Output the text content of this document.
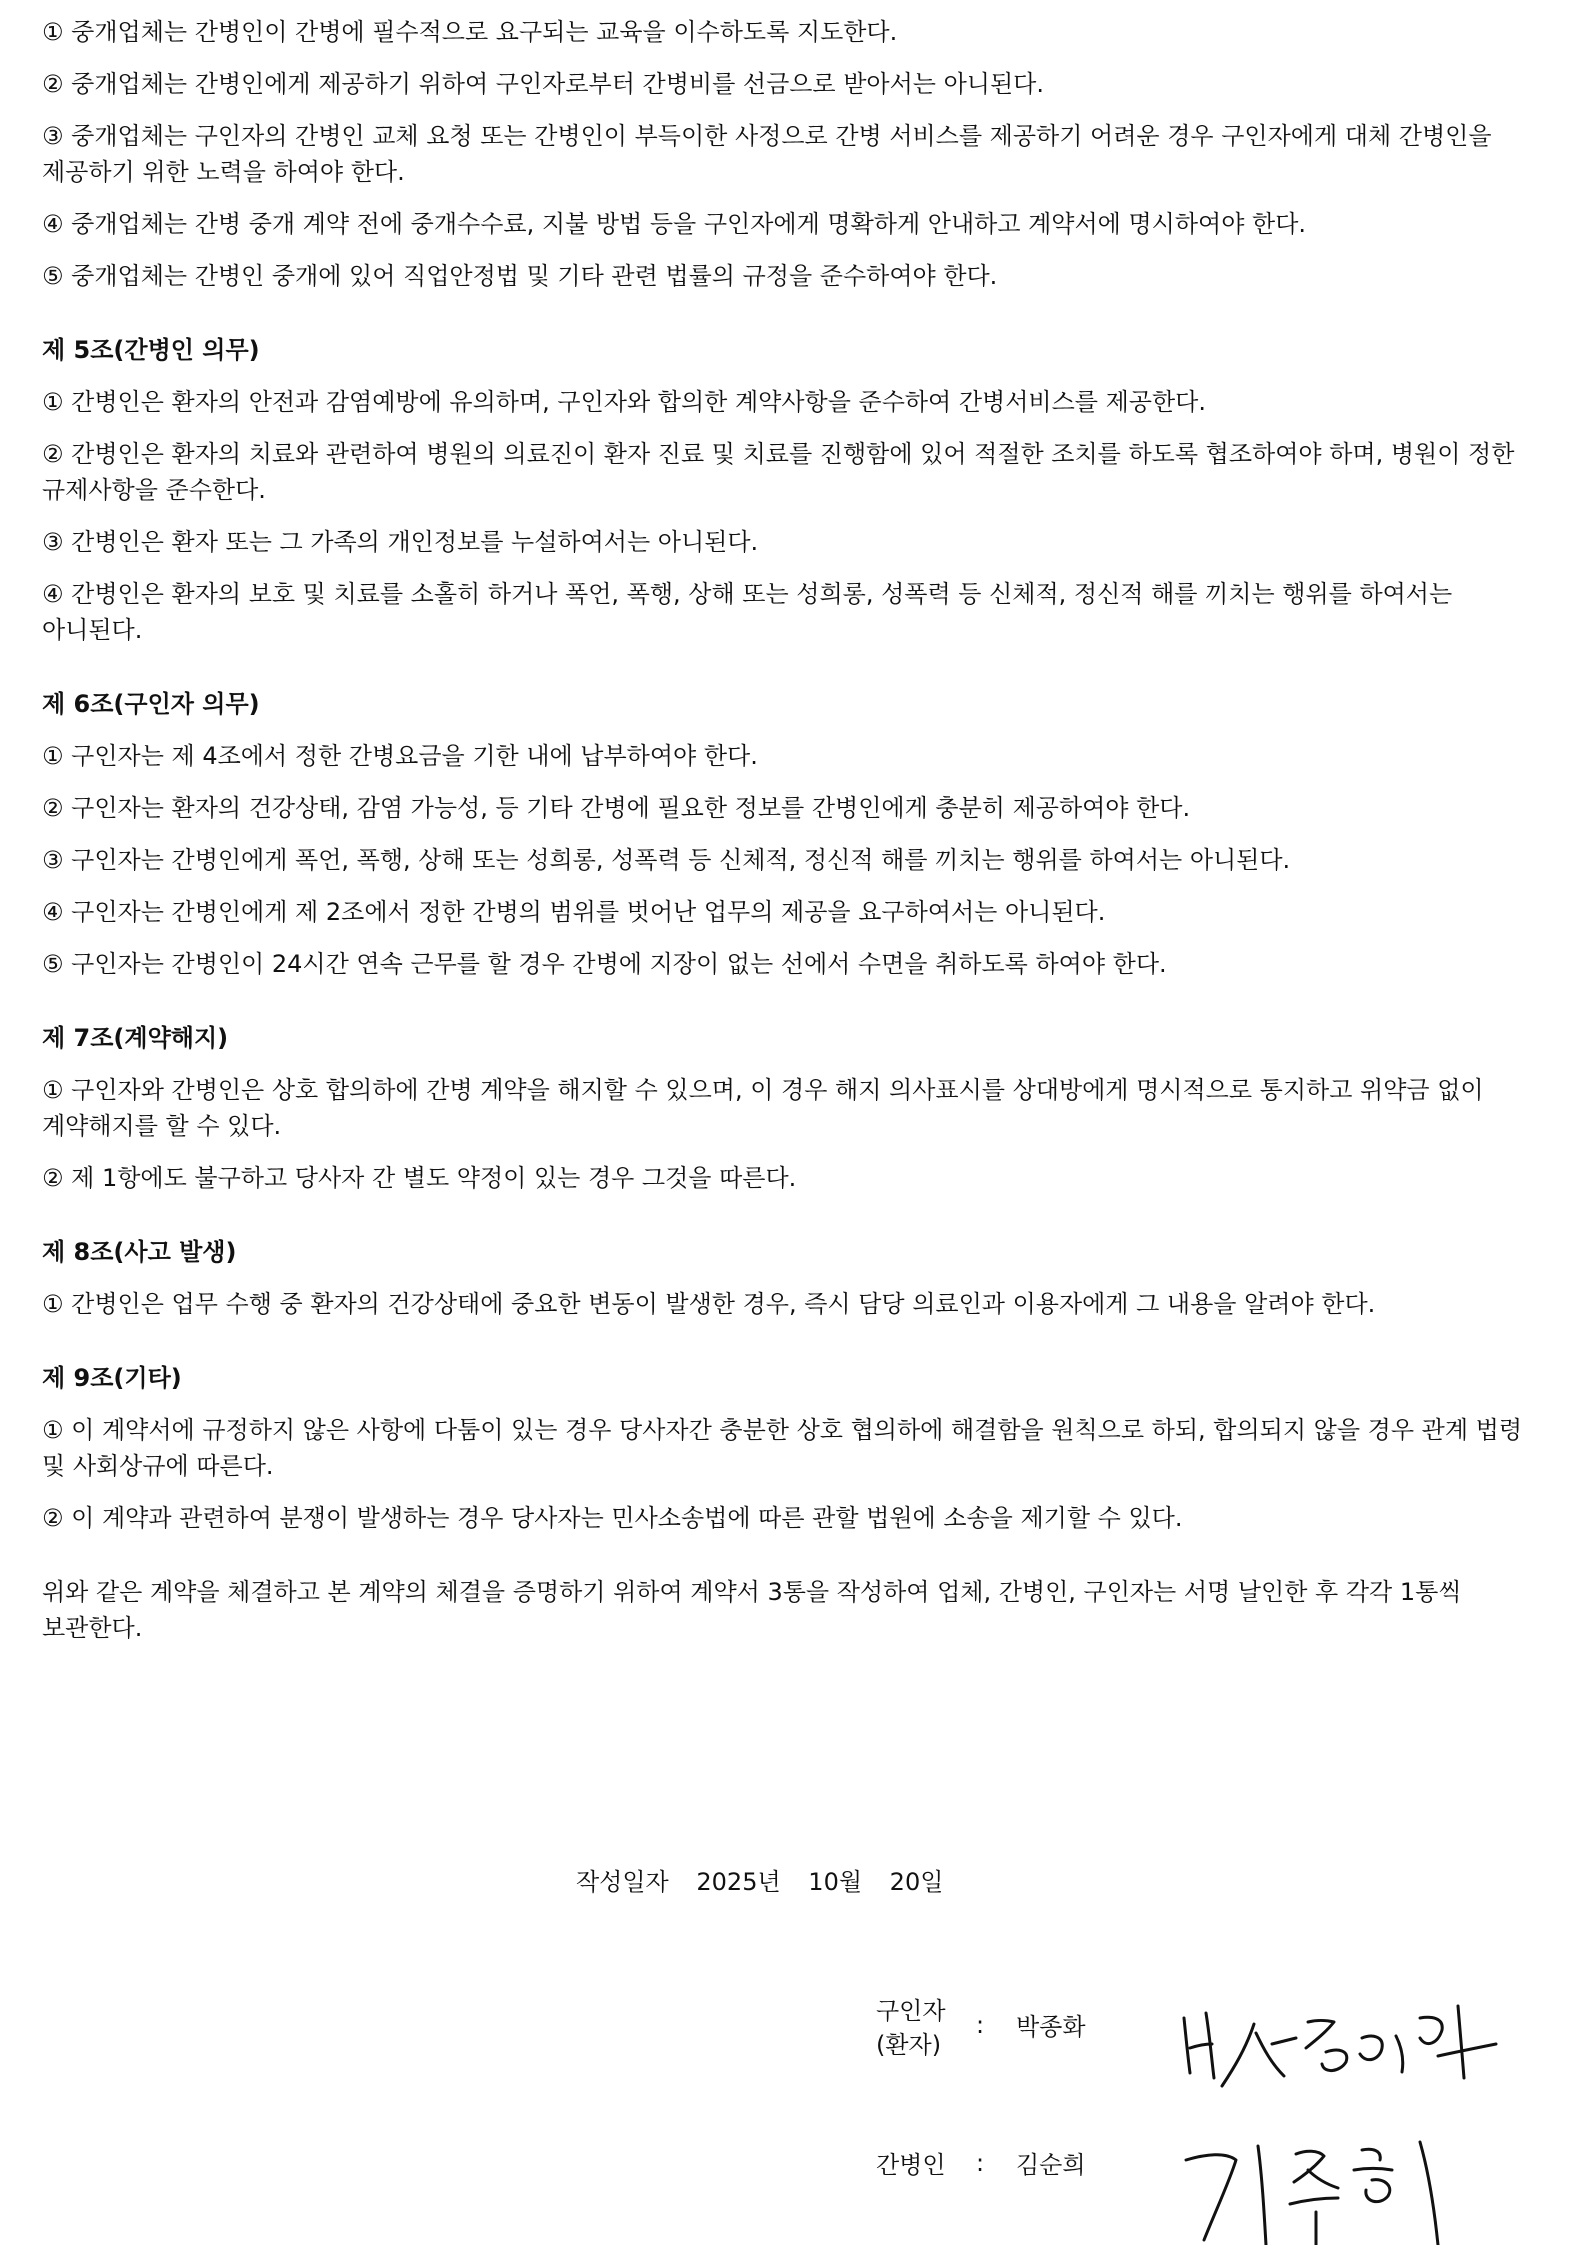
① 중개업체는 간병인이 간병에 필수적으로 요구되는 교육을 이수하도록 지도한다.

② 중개업체는 간병인에게 제공하기 위하여 구인자로부터 간병비를 선금으로 받아서는 아니된다.

③ 중개업체는 구인자의 간병인 교체 요청 또는 간병인이 부득이한 사정으로 간병 서비스를 제공하기 어려운 경우 구인자에게 대체 간병인을 제공하기 위한 노력을 하여야 한다.

④ 중개업체는 간병 중개 계약 전에 중개수수료, 지불 방법 등을 구인자에게 명확하게 안내하고 계약서에 명시하여야 한다.

⑤ 중개업체는 간병인 중개에 있어 직업안정법 및 기타 관련 법률의 규정을 준수하여야 한다.

제 5조(간병인 의무)

① 간병인은 환자의 안전과 감염예방에 유의하며, 구인자와 합의한 계약사항을 준수하여 간병서비스를 제공한다.

② 간병인은 환자의 치료와 관련하여 병원의 의료진이 환자 진료 및 치료를 진행함에 있어 적절한 조치를 하도록 협조하여야 하며, 병원이 정한 규제사항을 준수한다.

③ 간병인은 환자 또는 그 가족의 개인정보를 누설하여서는 아니된다.

④ 간병인은 환자의 보호 및 치료를 소홀히 하거나 폭언, 폭행, 상해 또는 성희롱, 성폭력 등 신체적, 정신적 해를 끼치는 행위를 하여서는 아니된다.

제 6조(구인자 의무)

① 구인자는 제 4조에서 정한 간병요금을 기한 내에 납부하여야 한다.

② 구인자는 환자의 건강상태, 감염 가능성, 등 기타 간병에 필요한 정보를 간병인에게 충분히 제공하여야 한다.

③ 구인자는 간병인에게 폭언, 폭행, 상해 또는 성희롱, 성폭력 등 신체적, 정신적 해를 끼치는 행위를 하여서는 아니된다.

④ 구인자는 간병인에게 제 2조에서 정한 간병의 범위를 벗어난 업무의 제공을 요구하여서는 아니된다.

⑤ 구인자는 간병인이 24시간 연속 근무를 할 경우 간병에 지장이 없는 선에서 수면을 취하도록 하여야 한다.

제 7조(계약해지)

① 구인자와 간병인은 상호 합의하에 간병 계약을 해지할 수 있으며, 이 경우 해지 의사표시를 상대방에게 명시적으로 통지하고 위약금 없이 계약해지를 할 수 있다.

② 제 1항에도 불구하고 당사자 간 별도 약정이 있는 경우 그것을 따른다.

제 8조(사고 발생)

① 간병인은 업무 수행 중 환자의 건강상태에 중요한 변동이 발생한 경우, 즉시 담당 의료인과 이용자에게 그 내용을 알려야 한다.

제 9조(기타)

① 이 계약서에 규정하지 않은 사항에 다툼이 있는 경우 당사자간 충분한 상호 협의하에 해결함을 원칙으로 하되, 합의되지 않을 경우 관계 법령 및 사회상규에 따른다.

② 이 계약과 관련하여 분쟁이 발생하는 경우 당사자는 민사소송법에 따른 관할 법원에 소송을 제기할 수 있다.

위와 같은 계약을 체결하고 본 계약의 체결을 증명하기 위하여 계약서 3통을 작성하여 업체, 간병인, 구인자는 서명 날인한 후 각각 1통씩 보관한다.

작성일자 2025년 10월 20일
구인자
(환자)
: 박종화
간병인	: 김순희
